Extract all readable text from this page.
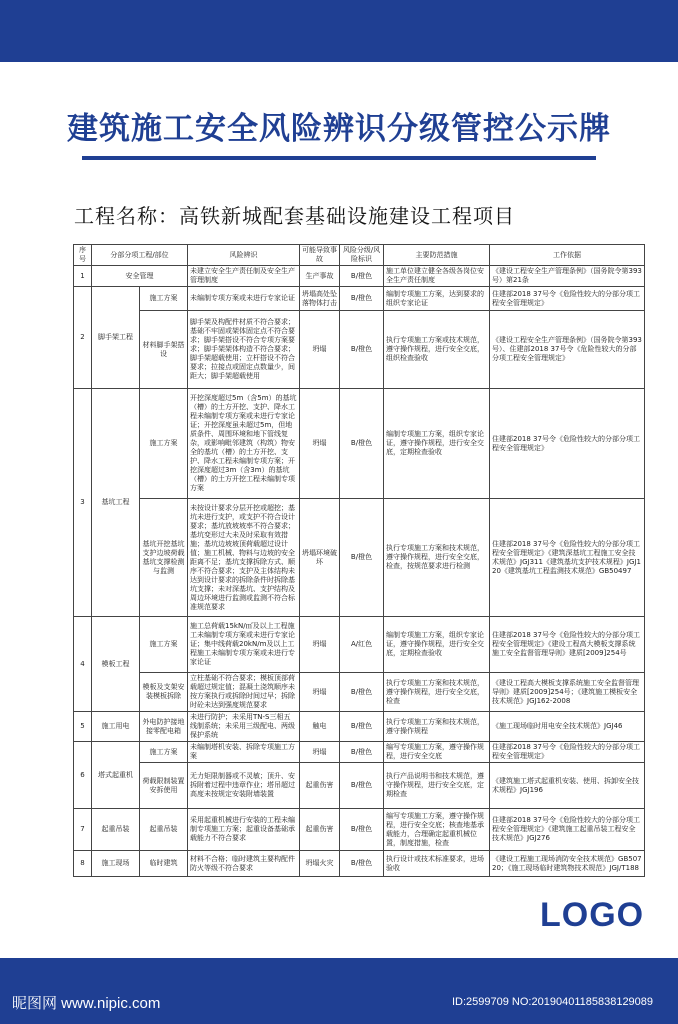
建筑施工安全风险辨识分级管控公示牌
工程名称：高铁新城配套基础设施建设工程项目
序号	分部分项工程/部位		风险辨识	可能导致事故	风险分级/风险标识	主要防范措施	工作依据
1	安全管理		未建立安全生产责任制及安全生产管理制度	生产事故	B/橙色	施工单位建立健全各级各岗位安全生产责任制度	《建设工程安全生产管理条例》（国务院令第393号）第21条
2	脚手架工程	施工方案	未编制专项方案或未进行专家论证	坍塌高处坠落物体打击	B/橙色	编制专项施工方案，达到要求的组织专家论证	住建部2018 37号令《危险性较大的分部分项工程安全管理规定》
		材料脚手架搭设	脚手架及构配件材质不符合要求；基础不牢固或架体固定点不符合要求；脚手架搭设不符合专项方案要求；脚手架架体构造不符合要求；脚手架超载使用；立杆搭设不符合要求；拉接点或固定点数量少，间距大；脚手架超载使用	坍塌	B/橙色	执行专项施工方案或技术规范，遵守操作规程，进行安全交底，组织检查验收	《建设工程安全生产管理条例》（国务院令第393号）、住建部2018 37号令《危险性较大的分部分项工程安全管理规定》
3	基坑工程	施工方案	开挖深度超过5m（含5m）的基坑（槽）的土方开挖、支护、降水工程未编制专项方案或未进行专家论证；开挖深度虽未超过5m，但地质条件、周围环境和地下管线复杂，或影响毗邻建筑（构筑）物安全的基坑（槽）的土方开挖、支护、降水工程未编制专项方案；开挖深度超过3m（含3m）的基坑（槽）的土方开挖工程未编制专项方案	坍塌	B/橙色	编制专项施工方案，组织专家论证，遵守操作规程，进行安全交底，定期检查验收	住建部2018 37号令《危险性较大的分部分项工程安全管理规定》
		基坑开挖基坑支护边坡荷载基坑支撑检测与监测	未按设计要求分层开挖或超挖；基坑未进行支护，或支护不符合设计要求；基坑放坡坡率不符合要求；基坑变形过大未及时采取有效措施；基坑边坡坡顶荷载超过设计值；施工机械、物料与边坡的安全距离不足；基坑支撑拆除方式、顺序不符合要求；支护及主体结构未达到设计要求的拆除条件时拆除基坑支撑；未对深基坑、支护结构及周边环境进行监测或监测不符合标准规范要求	坍塌环境破坏	B/橙色	执行专项施工方案和技术规范，遵守操作规程，进行安全交底，检查，按规范要求进行检测	住建部2018 37号令《危险性较大的分部分项工程安全管理规定》《建筑深基坑工程施工安全技术规范》JGJ311《建筑基坑支护技术规程》JGJ120《建筑基坑工程监测技术规范》GB50497
4	模板工程	施工方案	施工总荷载15kN/㎡及以上工程施工未编制专项方案或未进行专家论证；集中线荷载20kN/m及以上工程施工未编制专项方案或未进行专家论证	坍塌	A/红色	编制专项施工方案，组织专家论证，遵守操作规程，进行安全交底，定期检查验收	住建部2018 37号令《危险性较大的分部分项工程安全管理规定》《建设工程高大模板支撑系统施工安全监督管理导则》建质[2009]254号
		模板及支架安装模板拆除	立柱基础不符合要求；模板顶部荷载超过规定值；混凝土浇筑顺序未按方案执行或拆除时间过早；拆除时砼未达到强度规范要求	坍塌	B/橙色	执行专项施工方案和技术规范，遵守操作规程，进行安全交底，检查	《建设工程高大模板支撑系统施工安全监督管理导则》建质[2009]254号；《建筑施工模板安全技术规范》JGJ162-2008
5	施工用电	外电防护接地接零配电箱	未进行防护；未采用TN-S三相五线制系统；未采用三级配电、两级保护系统	触电	B/橙色	执行专项施工方案和技术规范，遵守操作规程	《施工现场临时用电安全技术规范》JGJ46
6	塔式起重机	施工方案	未编制塔机安装、拆除专项施工方案	坍塌	B/橙色	编写专项施工方案，遵守操作规程，进行安全交底	住建部2018 37号令《危险性较大的分部分项工程安全管理规定》
		荷载限制装置安拆使用	无力矩限制器或不灵敏；顶升、安拆附着过程中违章作业；塔吊超过高度未按规定安装附墙装置	起重伤害	B/橙色	执行产品说明书和技术规范，遵守操作规程，进行安全交底，定期检查	《建筑施工塔式起重机安装、使用、拆卸安全技术规程》JGJ196
7	起重吊装	起重吊装	采用起重机械进行安装的工程未编制专项施工方案；起重设备基础承载能力不符合要求	起重伤害	B/橙色	编写专项施工方案，遵守操作规程，进行安全交底；核查地基承载能力，合理确定起重机械位置，制度措施，检查	住建部2018 37号令《危险性较大的分部分项工程安全管理规定》《建筑施工起重吊装工程安全技术规范》JGJ276
8	施工现场	临时建筑	材料不合格；临时建筑主要构配件防火等级不符合要求	坍塌火灾	B/橙色	执行设计或技术标准要求，进场验收	《建设工程施工现场消防安全技术规范》GB50720；《施工现场临时建筑物技术规范》JGJ/T188
LOGO
昵图网 www.nipic.com	ID:2599709 NO:20190401185838129089
